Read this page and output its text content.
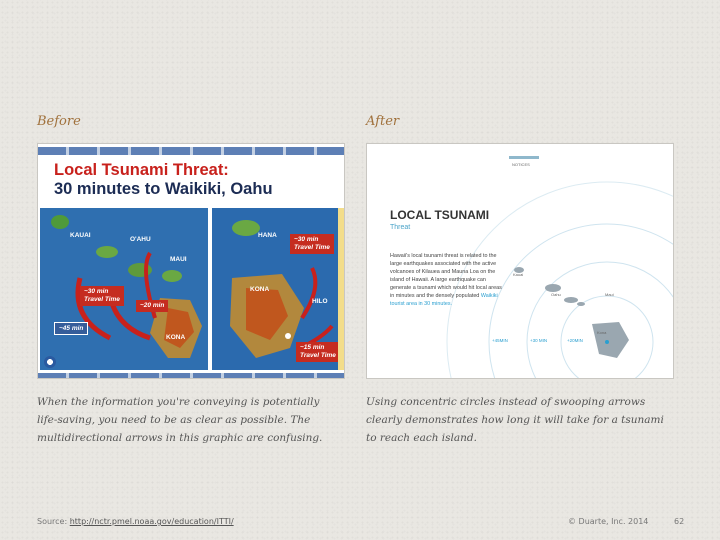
Before	After
Local Tsunami Threat:
30 minutes to Waikiki, Oahu
KAUAI
O'AHU
MAUI
KONA
~30 min
Travel Time
~20 min
~45 min
HANA
KONA
HILO
~30 min
Travel Time
~15 min
Travel Time
NOTICES
LOCAL TSUNAMI
Threat
Hawaii's local tsunami threat is related to the large earthquakes associated with the active volcanoes of Kilauea and Mauna Loa on the island of Hawaii. A large earthquake can generate a tsunami which would hit local areas in minutes and the densely populated Waikiki tourist area in 30 minutes.
+45MIN	+30 MIN	+20MIN
Kauai
Oahu	Maui
Kona
When the information you're conveying is potentially life-saving, you need to be as clear as possible. The multidirectional arrows in this graphic are confusing.
Using concentric circles instead of swooping arrows clearly demonstrates how long it will take for a tsunami to reach each island.
Source: http://nctr.pmel.noaa.gov/education/ITTI/	© Duarte, Inc. 2014	62
